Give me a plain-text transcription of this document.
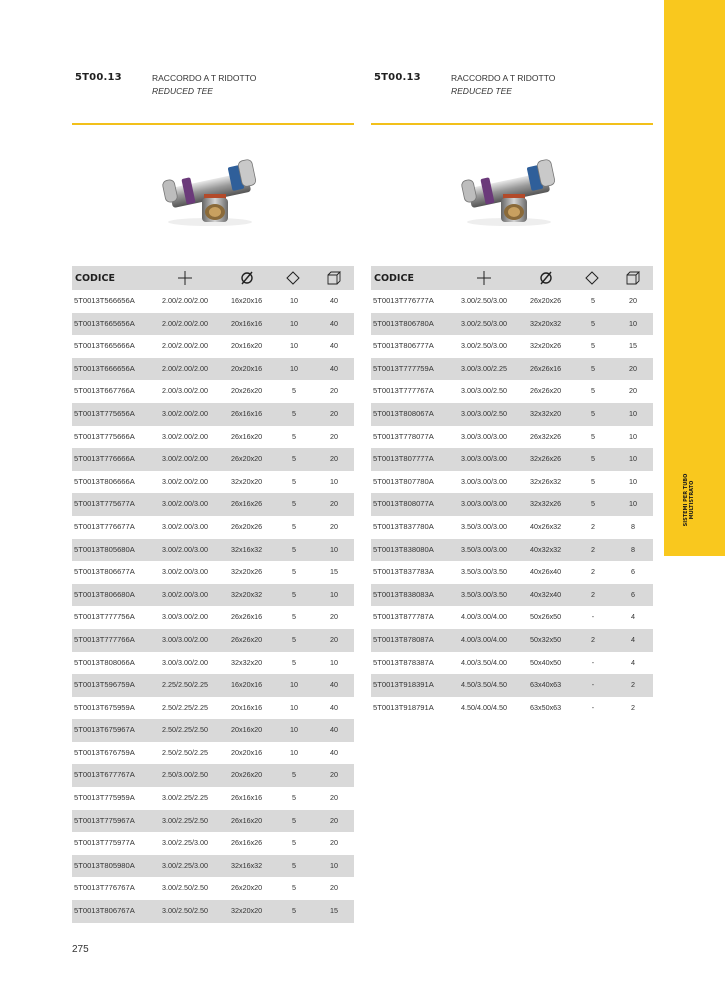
SISTEMI PER TUBO MULTISTRATO
5T00.13	RACCORDO A T RIDOTTO
REDUCED TEE
CODICE
5T0013T566656A	2.00/2.00/2.00	16x20x16	10	40
5T0013T665656A	2.00/2.00/2.00	20x16x16	10	40
5T0013T665666A	2.00/2.00/2.00	20x16x20	10	40
5T0013T666656A	2.00/2.00/2.00	20x20x16	10	40
5T0013T667766A	2.00/3.00/2.00	20x26x20	5	20
5T0013T775656A	3.00/2.00/2.00	26x16x16	5	20
5T0013T775666A	3.00/2.00/2.00	26x16x20	5	20
5T0013T776666A	3.00/2.00/2.00	26x20x20	5	20
5T0013T806666A	3.00/2.00/2.00	32x20x20	5	10
5T0013T775677A	3.00/2.00/3.00	26x16x26	5	20
5T0013T776677A	3.00/2.00/3.00	26x20x26	5	20
5T0013T805680A	3.00/2.00/3.00	32x16x32	5	10
5T0013T806677A	3.00/2.00/3.00	32x20x26	5	15
5T0013T806680A	3.00/2.00/3.00	32x20x32	5	10
5T0013T777756A	3.00/3.00/2.00	26x26x16	5	20
5T0013T777766A	3.00/3.00/2.00	26x26x20	5	20
5T0013T808066A	3.00/3.00/2.00	32x32x20	5	10
5T0013T596759A	2.25/2.50/2.25	16x20x16	10	40
5T0013T675959A	2.50/2.25/2.25	20x16x16	10	40
5T0013T675967A	2.50/2.25/2.50	20x16x20	10	40
5T0013T676759A	2.50/2.50/2.25	20x20x16	10	40
5T0013T677767A	2.50/3.00/2.50	20x26x20	5	20
5T0013T775959A	3.00/2.25/2.25	26x16x16	5	20
5T0013T775967A	3.00/2.25/2.50	26x16x20	5	20
5T0013T775977A	3.00/2.25/3.00	26x16x26	5	20
5T0013T805980A	3.00/2.25/3.00	32x16x32	5	10
5T0013T776767A	3.00/2.50/2.50	26x20x20	5	20
5T0013T806767A	3.00/2.50/2.50	32x20x20	5	15
5T00.13	RACCORDO A T RIDOTTO
REDUCED TEE
CODICE
5T0013T776777A	3.00/2.50/3.00	26x20x26	5	20
5T0013T806780A	3.00/2.50/3.00	32x20x32	5	10
5T0013T806777A	3.00/2.50/3.00	32x20x26	5	15
5T0013T777759A	3.00/3.00/2.25	26x26x16	5	20
5T0013T777767A	3.00/3.00/2.50	26x26x20	5	20
5T0013T808067A	3.00/3.00/2.50	32x32x20	5	10
5T0013T778077A	3.00/3.00/3.00	26x32x26	5	10
5T0013T807777A	3.00/3.00/3.00	32x26x26	5	10
5T0013T807780A	3.00/3.00/3.00	32x26x32	5	10
5T0013T808077A	3.00/3.00/3.00	32x32x26	5	10
5T0013T837780A	3.50/3.00/3.00	40x26x32	2	8
5T0013T838080A	3.50/3.00/3.00	40x32x32	2	8
5T0013T837783A	3.50/3.00/3.50	40x26x40	2	6
5T0013T838083A	3.50/3.00/3.50	40x32x40	2	6
5T0013T877787A	4.00/3.00/4.00	50x26x50	-	4
5T0013T878087A	4.00/3.00/4.00	50x32x50	2	4
5T0013T878387A	4.00/3.50/4.00	50x40x50	-	4
5T0013T918391A	4.50/3.50/4.50	63x40x63	-	2
5T0013T918791A	4.50/4.00/4.50	63x50x63	-	2
275
